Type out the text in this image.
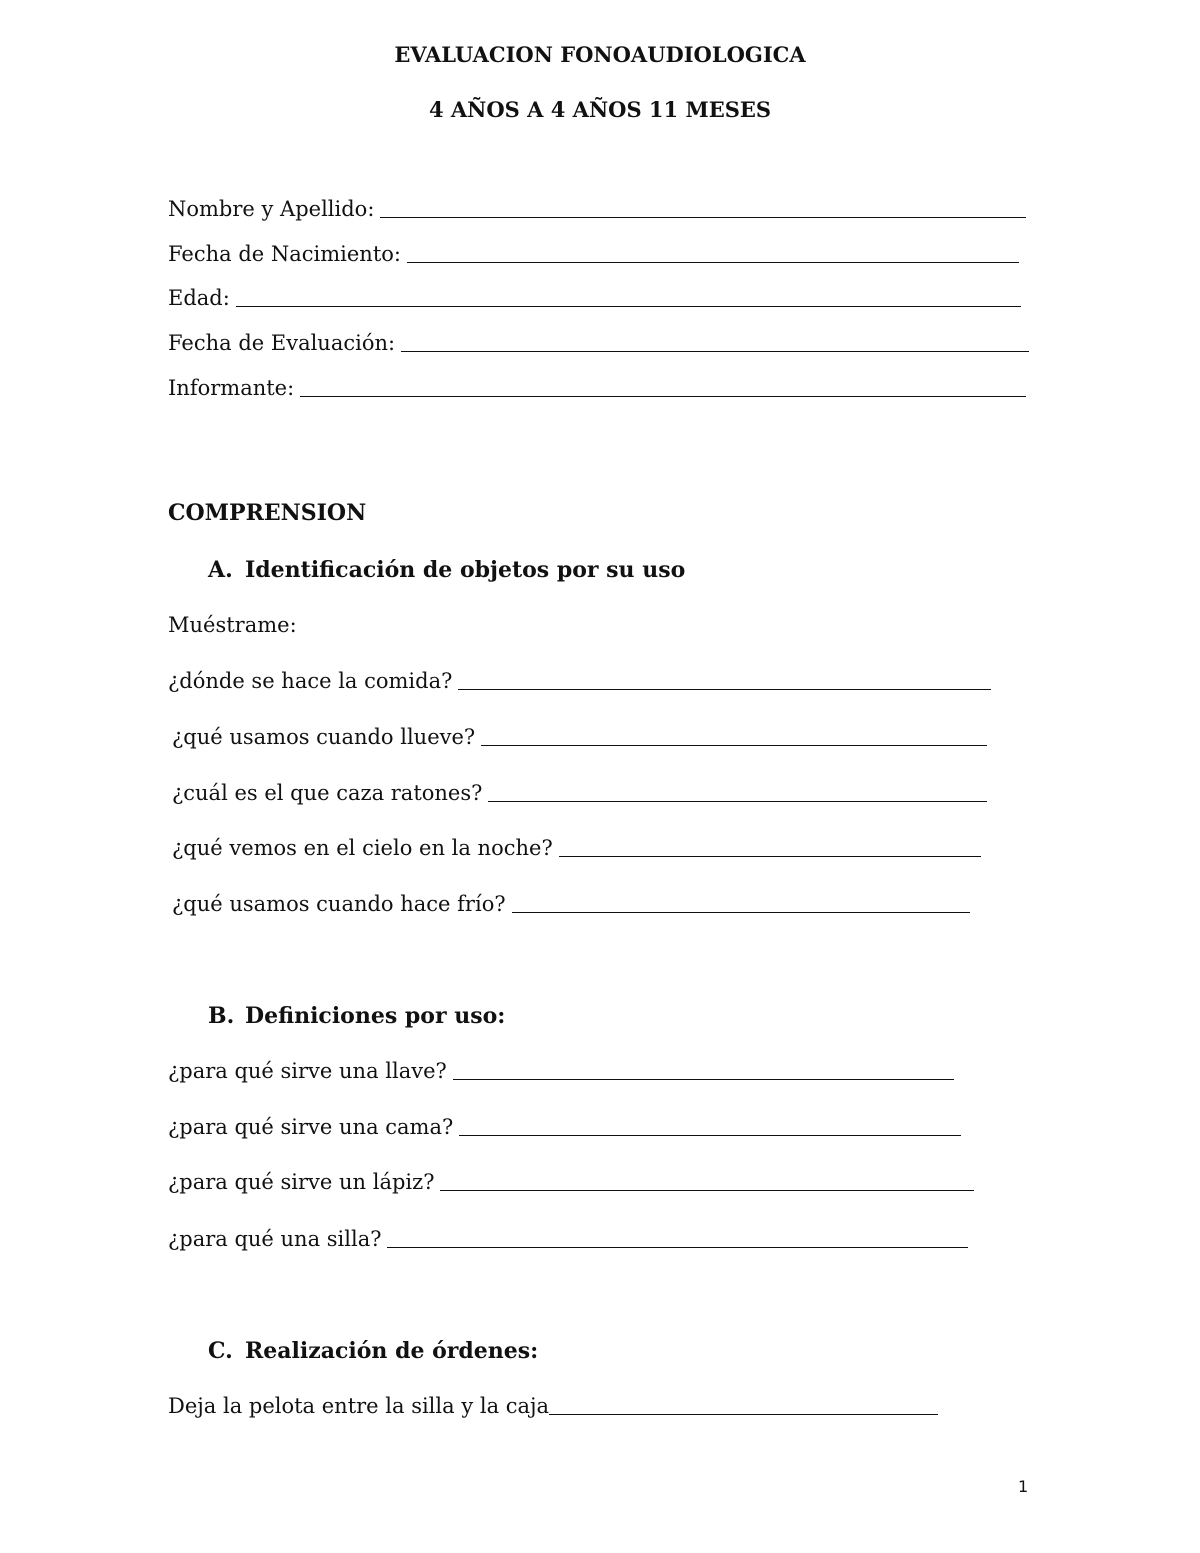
EVALUACION FONOAUDIOLOGICA
4 AÑOS A 4 AÑOS 11 MESES
Nombre y Apellido:
Fecha de Nacimiento:
Edad:
Fecha de Evaluación:
Informante:
COMPRENSION
A. Identificación de objetos por su uso
Muéstrame:
¿dónde se hace la comida?
¿qué usamos cuando llueve?
¿cuál es el que caza ratones?
¿qué vemos en el cielo en la noche?
¿qué usamos cuando hace frío?
B. Definiciones por uso:
¿para qué sirve una llave?
¿para qué sirve una cama?
¿para qué sirve un lápiz?
¿para qué una silla?
C. Realización de órdenes:
Deja la pelota entre la silla y la caja
1
